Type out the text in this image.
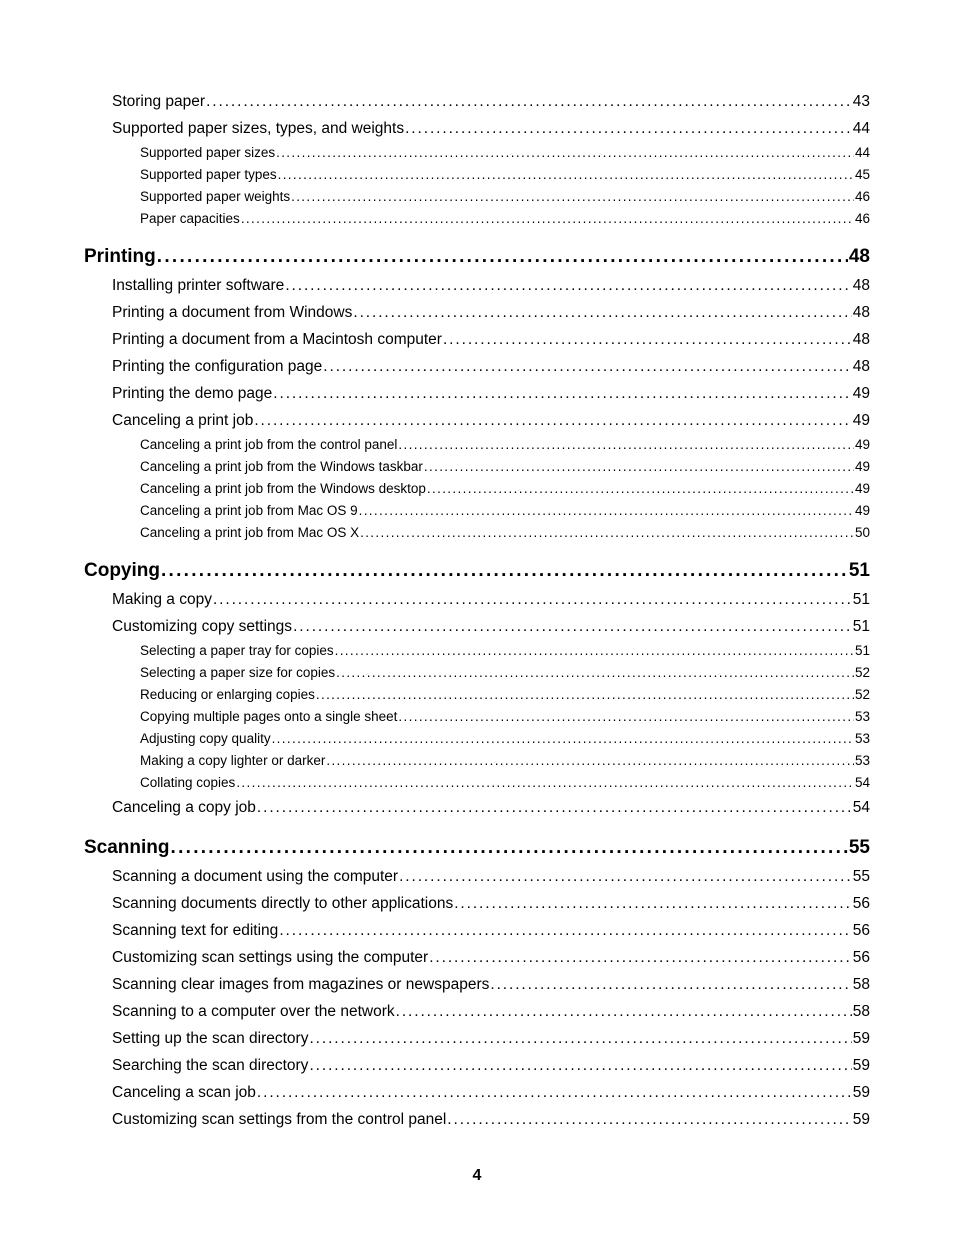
Storing paper . . .	43
Supported paper sizes, types, and weights . . .	44
Supported paper sizes . . .	44
Supported paper types . . .	45
Supported paper weights . . .	46
Paper capacities . . .	46
Printing . . .	48
Installing printer software . . .	48
Printing a document from Windows . . .	48
Printing a document from a Macintosh computer . . .	48
Printing the configuration page . . .	48
Printing the demo page . . .	49
Canceling a print job . . .	49
Canceling a print job from the control panel . . .	49
Canceling a print job from the Windows taskbar . . .	49
Canceling a print job from the Windows desktop . . .	49
Canceling a print job from Mac OS 9 . . .	49
Canceling a print job from Mac OS X . . .	50
Copying . . .	51
Making a copy . . .	51
Customizing copy settings . . .	51
Selecting a paper tray for copies . . .	51
Selecting a paper size for copies . . .	52
Reducing or enlarging copies . . .	52
Copying multiple pages onto a single sheet . . .	53
Adjusting copy quality . . .	53
Making a copy lighter or darker . . .	53
Collating copies . . .	54
Canceling a copy job . . .	54
Scanning . . .	55
Scanning a document using the computer . . .	55
Scanning documents directly to other applications . . .	56
Scanning text for editing . . .	56
Customizing scan settings using the computer . . .	56
Scanning clear images from magazines or newspapers . . .	58
Scanning to a computer over the network . . .	58
Setting up the scan directory . . .	59
Searching the scan directory . . .	59
Canceling a scan job . . .	59
Customizing scan settings from the control panel . . .	59
4
